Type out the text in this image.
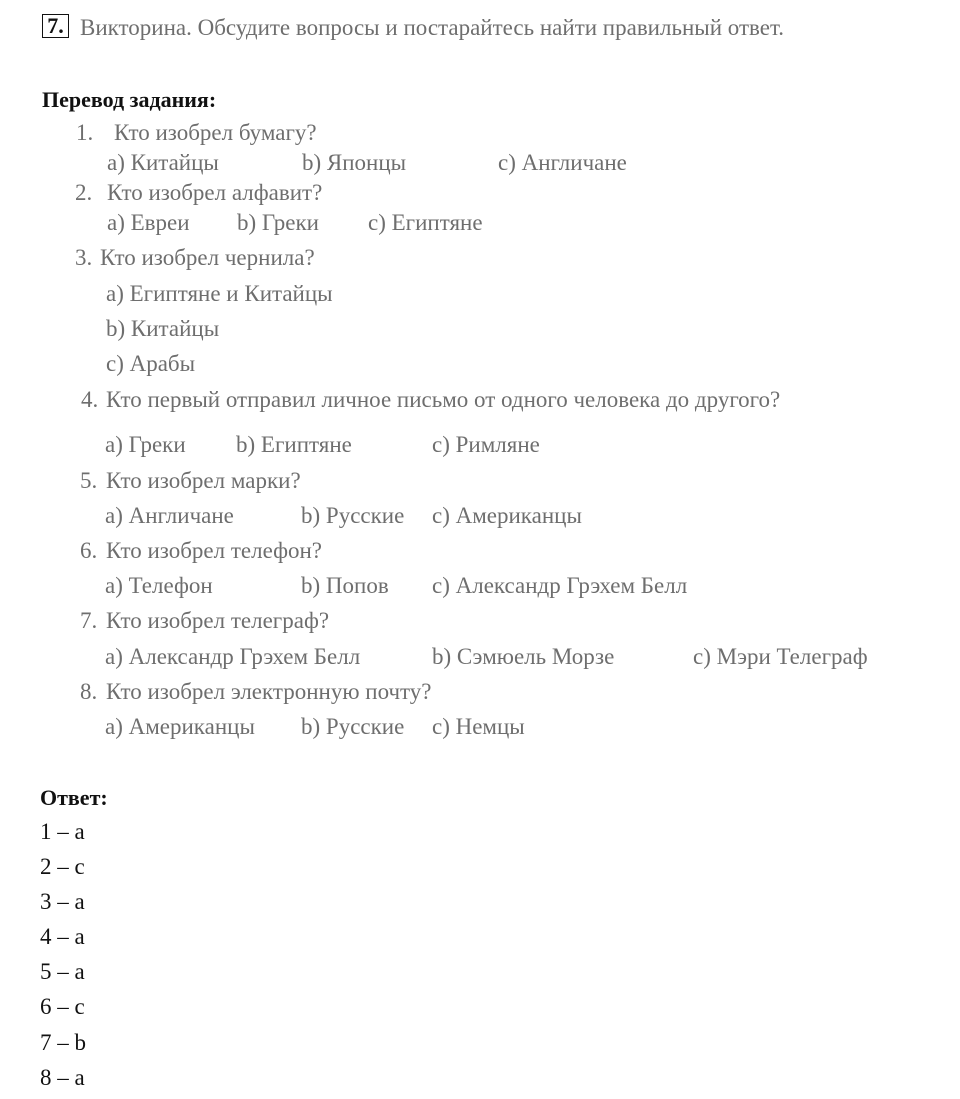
7. Викторина. Обсудите вопросы и постарайтесь найти правильный ответ.
Перевод задания:
1. Кто изобрел бумагу?
a) Китайцы	b) Японцы	c) Англичане
2. Кто изобрел алфавит?
a) Евреи b) Греки c) Египтяне
3. Кто изобрел чернила?
a) Египтяне и Китайцы
b) Китайцы
c) Арабы
4. Кто первый отправил личное письмо от одного человека до другого?
a) Греки b) Египтяне	c) Римляне
5. Кто изобрел марки?
a) Англичане	b) Русские c) Американцы
6. Кто изобрел телефон?
a) Телефон	b) Попов c) Александр Грэхем Белл
7. Кто изобрел телеграф?
a) Александр Грэхем Белл	b) Сэмюель Морзе	c) Мэри Телеграф
8. Кто изобрел электронную почту?
a) Американцы b) Русские c) Немцы
Ответ:
1 – a
2 – c
3 – a
4 – a
5 – a
6 – c
7 – b
8 – a
